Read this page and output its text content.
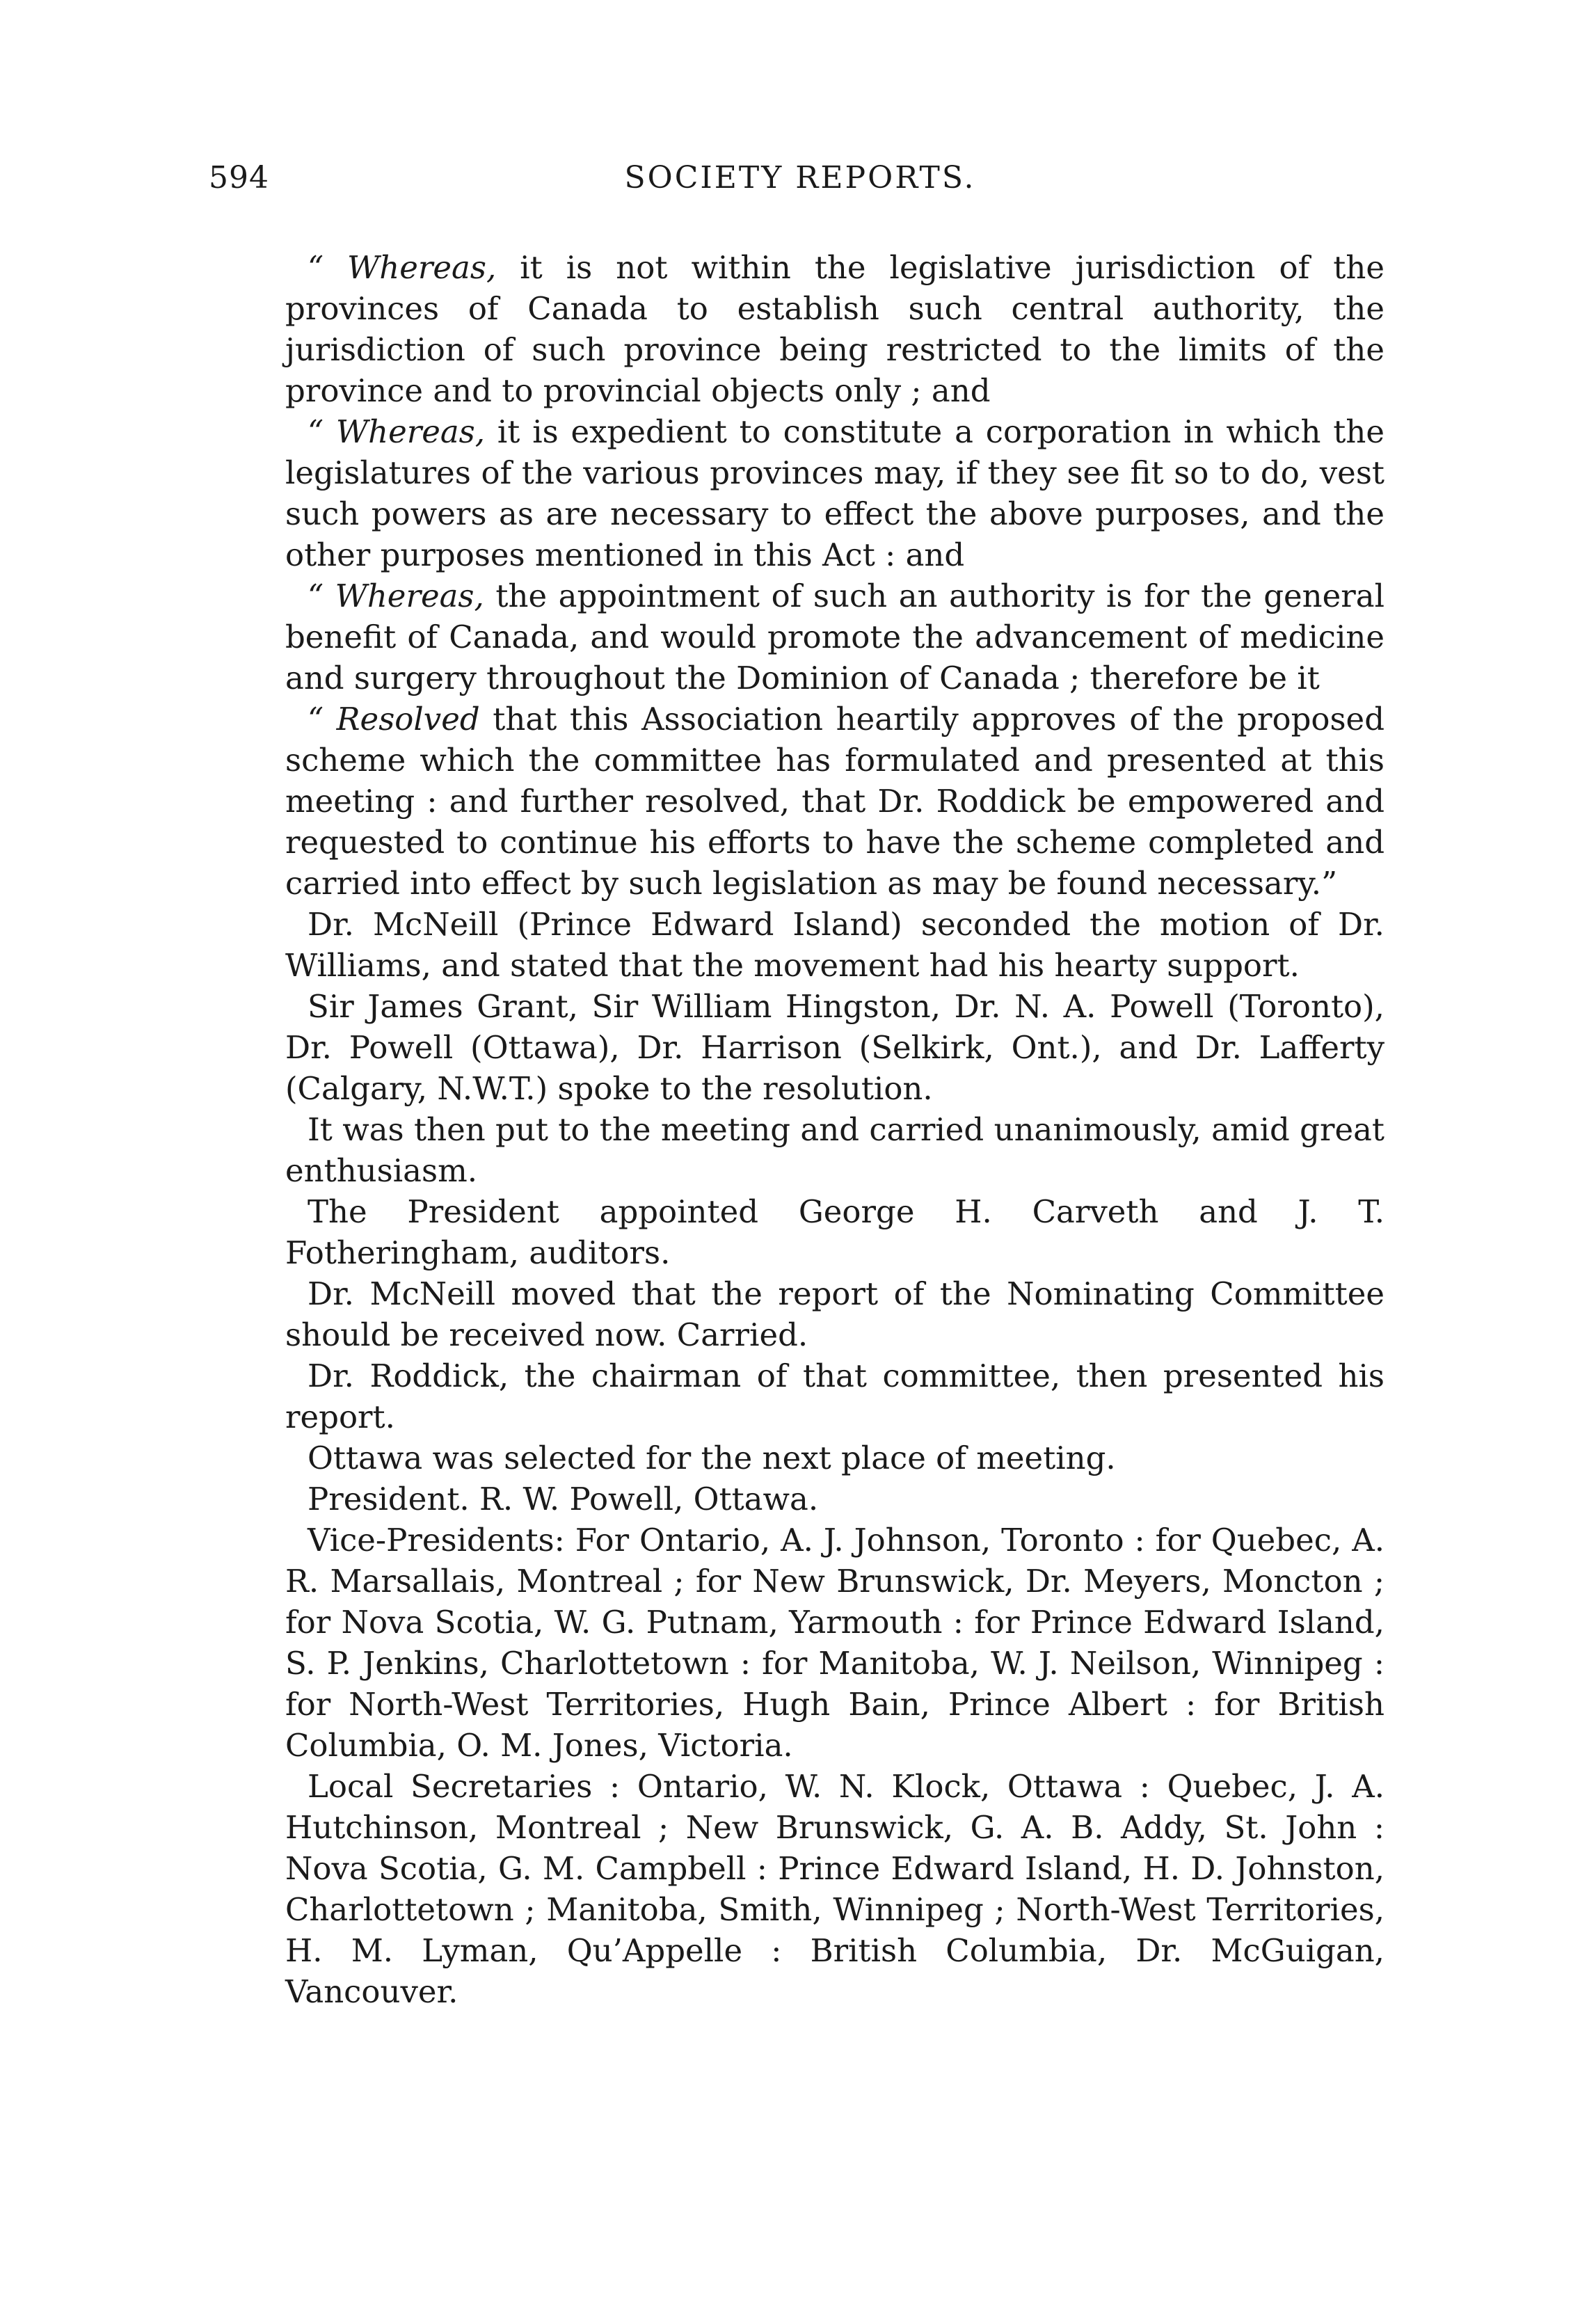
594	SOCIETY REPORTS.

“ Whereas, it is not within the legislative jurisdiction of the provinces of Canada to establish such central authority, the jurisdiction of such province being restricted to the limits of the province and to provincial objects only ; and

“ Whereas, it is expedient to constitute a corporation in which the legislatures of the various provinces may, if they see fit so to do, vest such powers as are necessary to effect the above purposes, and the other purposes mentioned in this Act : and

“ Whereas, the appointment of such an authority is for the general benefit of Canada, and would promote the advancement of medicine and surgery throughout the Dominion of Canada ; therefore be it

“ Resolved that this Association heartily approves of the proposed scheme which the committee has formulated and presented at this meeting : and further resolved, that Dr. Roddick be empowered and requested to continue his efforts to have the scheme completed and carried into effect by such legislation as may be found necessary.”

Dr. McNeill (Prince Edward Island) seconded the motion of Dr. Williams, and stated that the movement had his hearty support.

Sir James Grant, Sir William Hingston, Dr. N. A. Powell (Toronto), Dr. Powell (Ottawa), Dr. Harrison (Selkirk, Ont.), and Dr. Lafferty (Calgary, N.W.T.) spoke to the resolution.

It was then put to the meeting and carried unanimously, amid great enthusiasm.

The President appointed George H. Carveth and J. T. Fotheringham, auditors.

Dr. McNeill moved that the report of the Nominating Committee should be received now. Carried.

Dr. Roddick, the chairman of that committee, then presented his report.

Ottawa was selected for the next place of meeting.

President. R. W. Powell, Ottawa.

Vice-Presidents: For Ontario, A. J. Johnson, Toronto : for Quebec, A. R. Marsallais, Montreal ; for New Brunswick, Dr. Meyers, Moncton ; for Nova Scotia, W. G. Putnam, Yarmouth : for Prince Edward Island, S. P. Jenkins, Charlottetown : for Manitoba, W. J. Neilson, Winnipeg : for North-West Territories, Hugh Bain, Prince Albert : for British Columbia, O. M. Jones, Victoria.

Local Secretaries : Ontario, W. N. Klock, Ottawa : Quebec, J. A. Hutchinson, Montreal ; New Brunswick, G. A. B. Addy, St. John : Nova Scotia, G. M. Campbell : Prince Edward Island, H. D. Johnston, Charlottetown ; Manitoba, Smith, Winnipeg ; North-West Territories, H. M. Lyman, Qu’Appelle : British Columbia, Dr. McGuigan, Vancouver.
